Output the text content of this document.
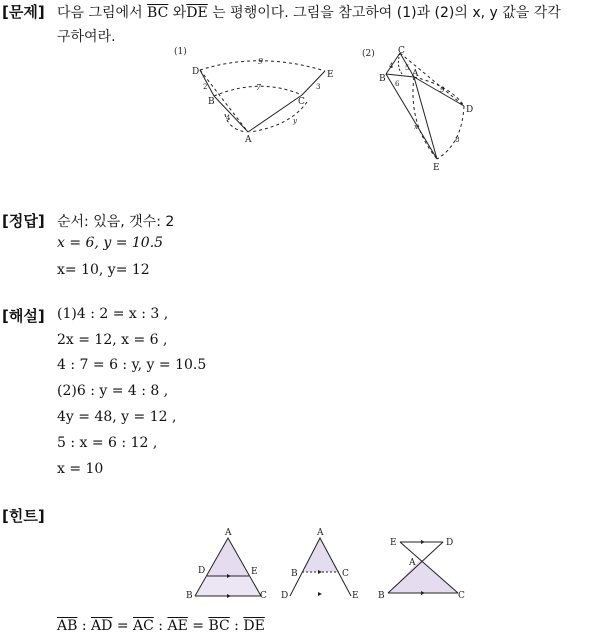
[문제] 다음 그림에서 $\overline{BC}$ 와$\overline{DE}$ 는 평행이다. 그림을 참고하여 (1)과 (2)의 x, y 값을 각각
구하여라.
(1)
D	E
B	C
A
9
7
2
4
3
y
(2)	C
B	A
D
E
4 5
6
9
x
8
[정답] 순서: 있음, 갯수: 2
x = 6, y = 10.5
x= 10, y= 12
[해설] (1)4 : 2 = x : 3 ,
2x = 12, x = 6 ,
4 : 7 = 6 : y, y = 10.5
(2)6 : y = 4 : 8 ,
4y = 48, y = 12 ,
5 : x = 6 : 12 ,
x = 10
[힌트]
A
D	E
B	C
A
B	C
D	E
E	D
A
B	C
$\overline{AB}$ : $\overline{AD} = \overline{AC}$ : $\overline{AE} = \overline{BC}$ : $\overline{DE}$
